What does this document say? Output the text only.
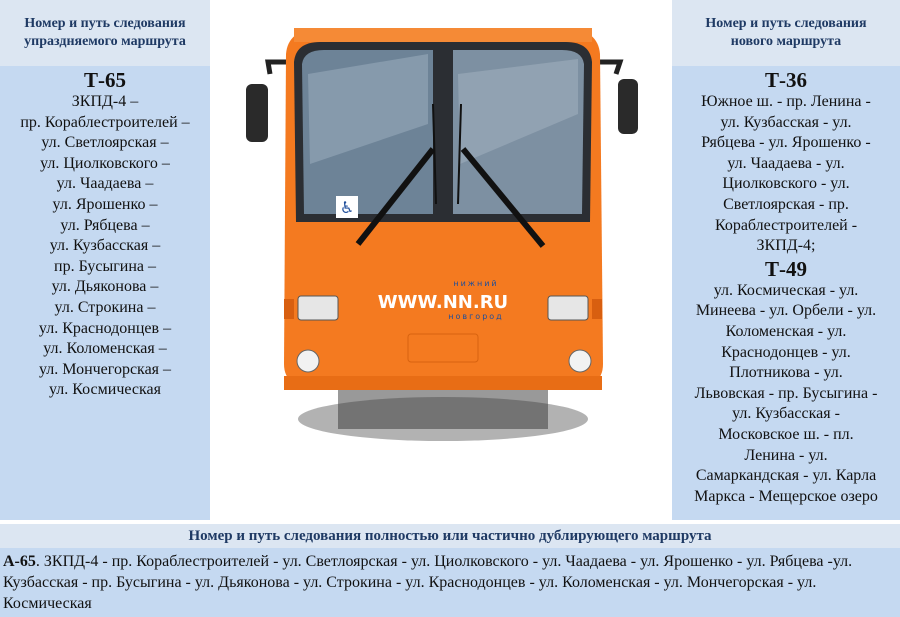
Номер и путь следования
упраздняемого маршрута
Т-65
ЗКПД-4 –
пр. Кораблестроителей –
ул. Светлоярская –
ул. Циолковского –
ул. Чаадаева –
ул. Ярошенко –
ул. Рябцева –
ул. Кузбасская –
пр. Бусыгина –
ул. Дьяконова –
ул. Строкина –
ул. Краснодонцев –
ул. Коломенская –
ул. Мончегорская –
ул. Космическая
♿
нижний
WWW.NN.RU
новгород
Номер и путь следования
нового маршрута
Т-36
Южное ш. - пр. Ленина -
ул. Кузбасская - ул.
Рябцева - ул. Ярошенко -
ул. Чаадаева - ул.
Циолковского - ул.
Светлоярская - пр.
Кораблестроителей -
ЗКПД-4;
Т-49
ул. Космическая - ул.
Минеева - ул. Орбели - ул.
Коломенская - ул.
Краснодонцев - ул.
Плотникова - ул.
Львовская - пр. Бусыгина -
ул. Кузбасская -
Московское ш. - пл.
Ленина - ул.
Самаркандская - ул. Карла
Маркса - Мещерское озеро
Номер и путь следования полностью или частично дублирующего маршрута
А-65. ЗКПД-4 - пр. Кораблестроителей - ул. Светлоярская - ул. Циолковского - ул. Чаадаева - ул. Ярошенко - ул. Рябцева -ул. Кузбасская - пр. Бусыгина - ул. Дьяконова - ул. Строкина - ул. Краснодонцев - ул. Коломенская - ул. Мончегорская - ул. Космическая
